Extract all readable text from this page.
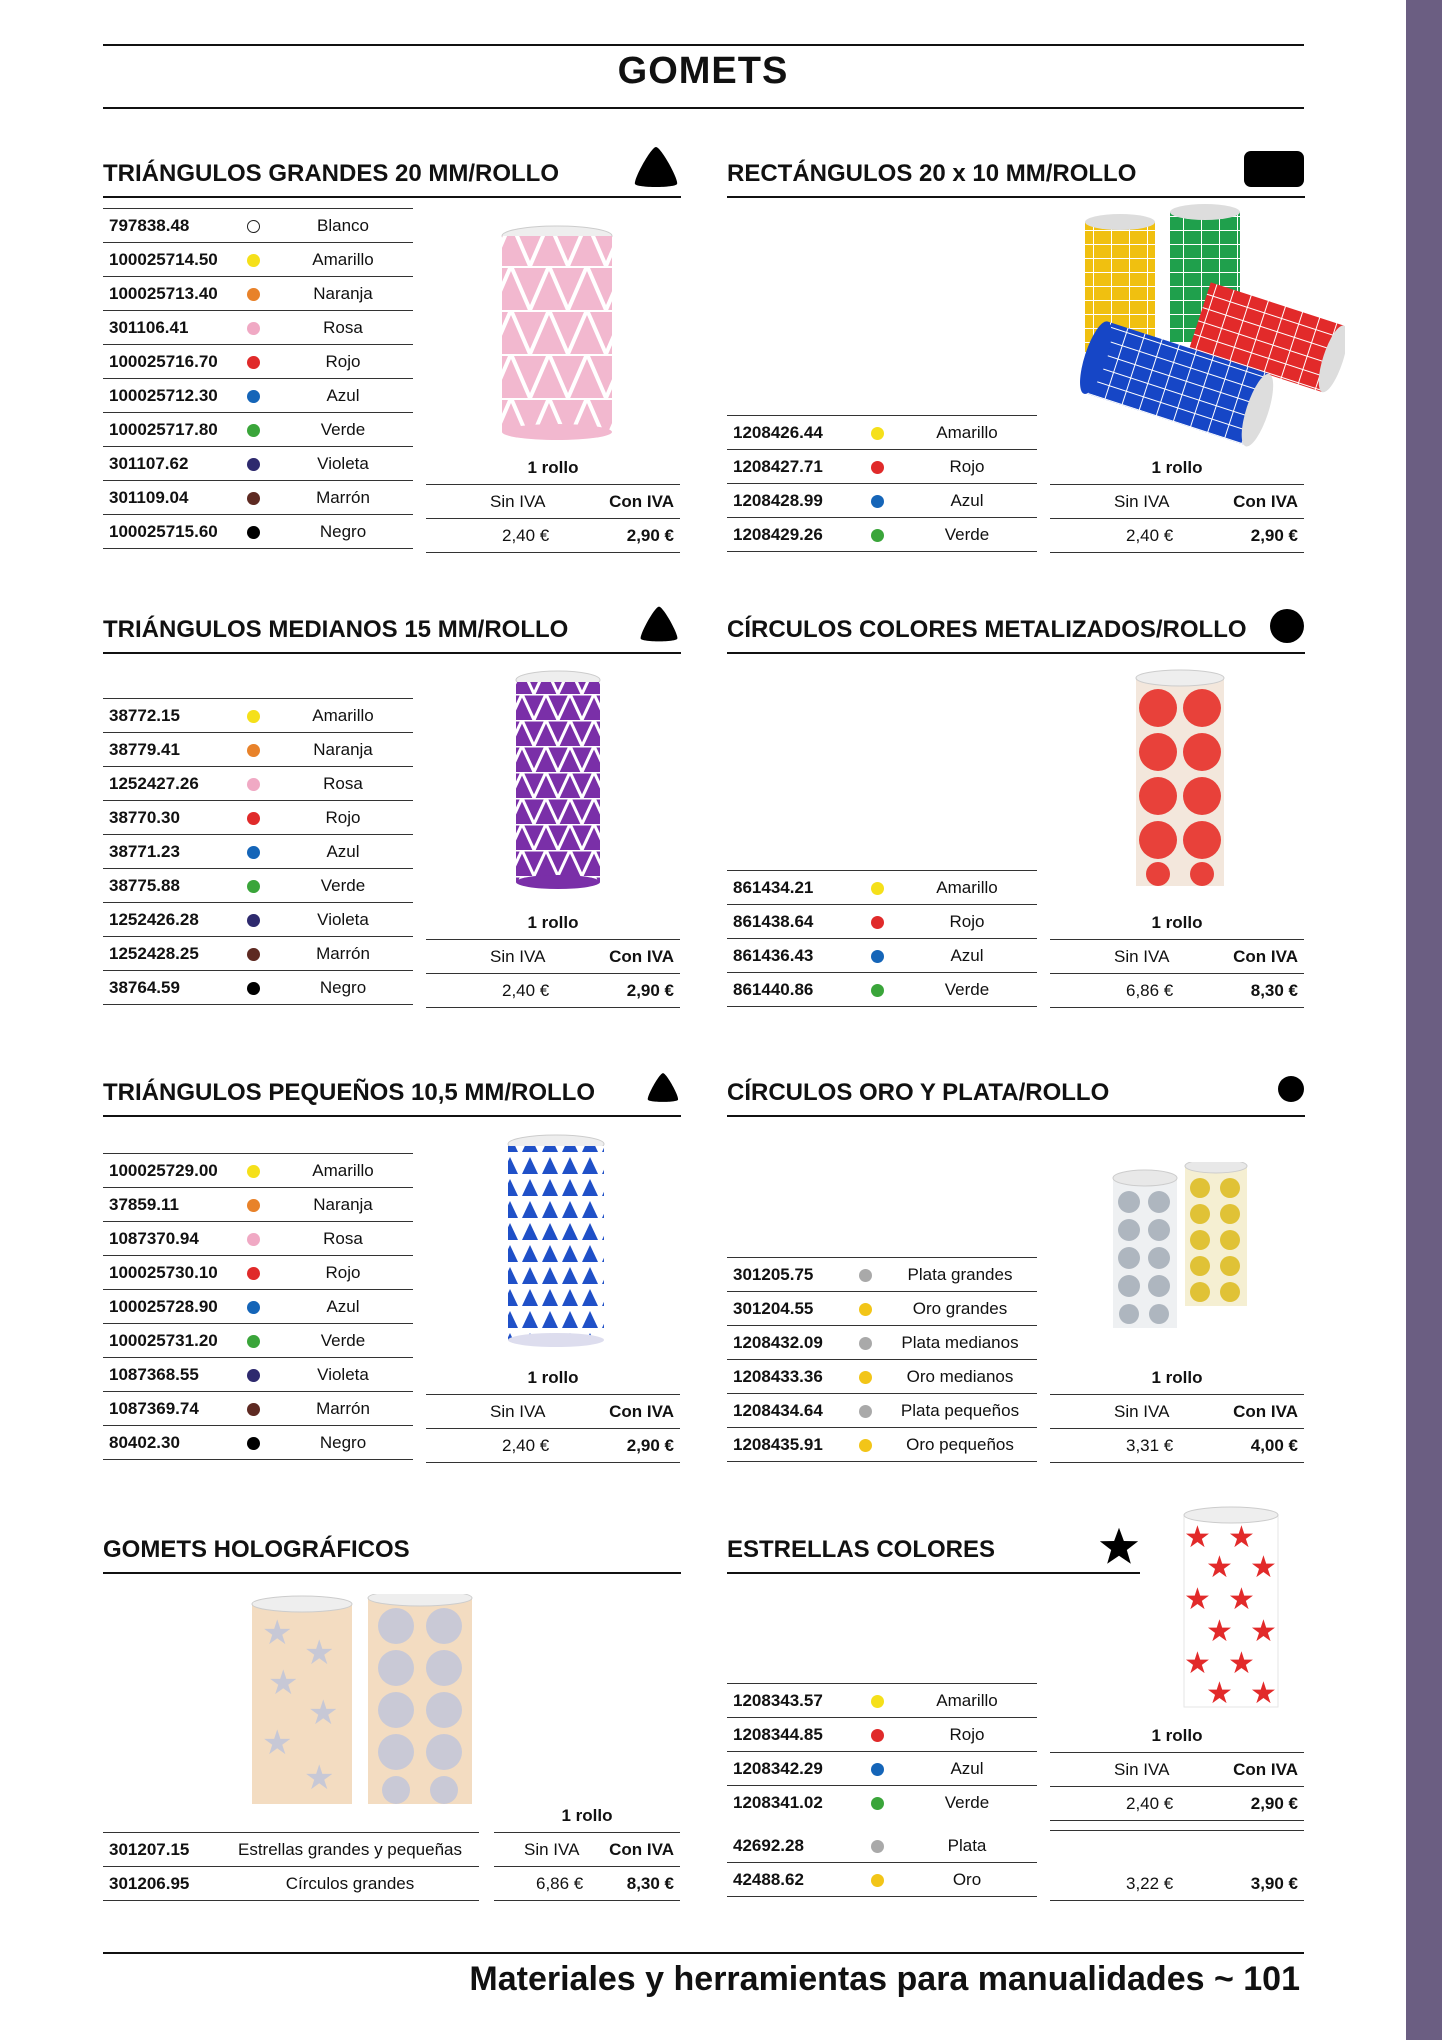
GOMETS
TRIÁNGULOS GRANDES 20 MM/ROLLO
797838.48		Blanco
100025714.50		Amarillo
100025713.40		Naranja
301106.41		Rosa
100025716.70		Rojo
100025712.30		Azul
100025717.80		Verde
301107.62		Violeta
301109.04		Marrón
100025715.60		Negro
1 rollo
Sin IVA	Con IVA
2,40 €	2,90 €
RECTÁNGULOS 20 x 10 MM/ROLLO
1208426.44		Amarillo
1208427.71		Rojo
1208428.99		Azul
1208429.26		Verde
1 rollo
Sin IVA	Con IVA
2,40 €	2,90 €
TRIÁNGULOS MEDIANOS 15 MM/ROLLO
38772.15		Amarillo
38779.41		Naranja
1252427.26		Rosa
38770.30		Rojo
38771.23		Azul
38775.88		Verde
1252426.28		Violeta
1252428.25		Marrón
38764.59		Negro
1 rollo
Sin IVA	Con IVA
2,40 €	2,90 €
CÍRCULOS COLORES METALIZADOS/ROLLO
861434.21		Amarillo
861438.64		Rojo
861436.43		Azul
861440.86		Verde
1 rollo
Sin IVA	Con IVA
6,86 €	8,30 €
TRIÁNGULOS PEQUEÑOS 10,5 MM/ROLLO
100025729.00		Amarillo
37859.11		Naranja
1087370.94		Rosa
100025730.10		Rojo
100025728.90		Azul
100025731.20		Verde
1087368.55		Violeta
1087369.74		Marrón
80402.30		Negro
1 rollo
Sin IVA	Con IVA
2,40 €	2,90 €
CÍRCULOS ORO Y PLATA/ROLLO
301205.75		Plata grandes
301204.55		Oro grandes
1208432.09		Plata medianos
1208433.36		Oro medianos
1208434.64		Plata pequeños
1208435.91		Oro pequeños
1 rollo
Sin IVA	Con IVA
3,31 €	4,00 €
GOMETS HOLOGRÁFICOS
★ ★
★
★
★
★
301207.15	Estrellas grandes y pequeñas
301206.95	Círculos grandes
1 rollo
Sin IVA Con IVA
6,86 €	8,30 €
ESTRELLAS COLORES	★ ★
★ ★
★ ★
★ ★
★ ★
★ ★
1208343.57		Amarillo
1208344.85		Rojo
1208342.29		Azul
1208341.02		Verde
42692.28		Plata
42488.62		Oro
1 rollo
Sin IVA	Con IVA
2,40 €	2,90 €
3,22 €	3,90 €
Materiales y herramientas para manualidades ~ 101
